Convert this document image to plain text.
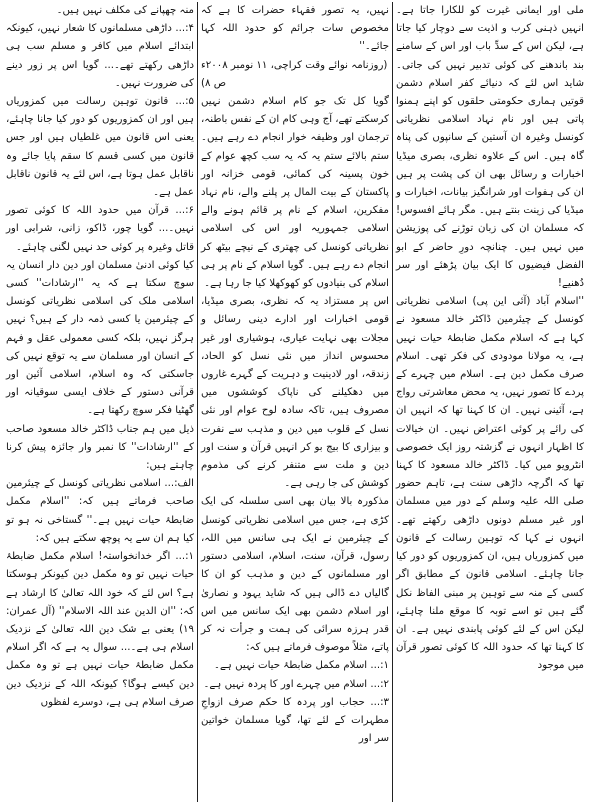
ملی اور ایمانی غیرت کو للکارا جاتا ہے۔ انہیں ذہنی کرب و اذیت سے دوچار کیا جاتا ہے، لیکن اس کے سدِّ باب اور اس کے سامنے بند باندھنے کی کوئی تدبیر نہیں کی جاتی۔ شاید اس لئے کہ دنیائے کفر اسلام دشمن قوتیں ہماری حکومتی حلقوں کو اپنے ہمنوا پاتی ہیں اور نام نہاد اسلامی نظریاتی کونسل وغیرہ ان آستین کے سانپوں کی پناہ گاہ ہیں۔ اس کے علاوہ نظری، بصری میڈیا اخبارات و رسائل بھی ان کی پشت پر ہیں ان کی ہفوات اور شرانگیز بیانات، اخبارات و میڈیا کی زینت بنتے ہیں۔ مگر ہائے افسوس! کہ مسلمان ان کی زبان توڑنے کی پوزیشن میں نہیں ہیں۔ چنانچہ دورِ حاضر کے ابو الفضل فیضیوں کا ایک بیان پڑھئے اور سر دُھنیے!

''اسلام آباد (آئی این پی) اسلامی نظریاتی کونسل کے چیئرمین ڈاکٹر خالد مسعود نے کہا ہے کہ اسلام مکمل ضابطۂ حیات نہیں ہے، یہ مولانا مودودی کی فکر تھی۔ اسلام صرف مکمل دین ہے۔ اسلام میں چہرے کے پردے کا تصور نہیں، یہ محض معاشرتی رواج ہے، آئینی نہیں۔ ان کا کہنا تھا کہ انہیں ان کی رائے پر کوئی اعتراض نہیں۔ ان خیالات کا اظہار انہوں نے گزشتہ روز ایک خصوصی انٹرویو میں کیا۔ ڈاکٹر خالد مسعود کا کہنا تھا کہ اگرچہ داڑھی سنت ہے، تاہم حضور صلی اللہ علیہ وسلم کے دور میں مسلمان اور غیر مسلم دونوں داڑھی رکھتے تھے۔ انہوں نے کہا کہ توہین رسالت کے قانون میں کمزوریاں ہیں، ان کمزوریوں کو دور کیا جانا چاہئے۔ اسلامی قانون کے مطابق اگر کسی کے منہ سے توہین پر مبنی الفاظ نکل گئے ہیں تو اسے توبہ کا موقع ملنا چاہئے، لیکن اس کے لئے کوئی پابندی نہیں ہے۔ ان کا کہنا تھا کہ حدود اللہ کا کوئی تصور قرآن میں موجود

نہیں، یہ تصور فقہاء حضرات کا ہے کہ مخصوص سات جرائم کو حدود اللہ کہا جائے۔''

(روزنامہ نوائے وقت کراچی، ۱۱ نومبر ۲۰۰۸ء ص ۸)

گویا کل تک جو کام اسلام دشمن نہیں کرسکتے تھے، آج وہی کام ان کے نفس باطنہ، ترجمان اور وظیفہ خوار انجام دے رہے ہیں۔ ستم بالائے ستم یہ کہ یہ سب کچھ عوام کے خون پسینہ کی کمائی، قومی خزانہ اور پاکستان کے بیت المال پر پلنے والے، نام نہاد مفکرین، اسلام کے نام پر قائم ہونے والے اسلامی جمہوریہ اور اس کی اسلامی نظریاتی کونسل کی چھتری کے نیچے بیٹھ کر انجام دے رہے ہیں۔ گویا اسلام کے نام پر ہی اسلام کی بنیادوں کو کھوکھلا کیا جا رہا ہے۔

اس پر مستزاد یہ کہ نظری، بصری میڈیا، قومی اخبارات اور ادارے دینی رسائل و مجلات بھی نہایت عیاری، ہوشیاری اور غیر محسوس انداز میں نئی نسل کو الحاد، زندقہ، اور لادینیت و دہریت کے گہرے غاروں میں دھکیلنے کی ناپاک کوششوں میں مصروف ہیں، تاکہ سادہ لوح عوام اور نئی نسل کے قلوب میں دین و مذہب سے نفرت و بیزاری کا بیج بو کر انہیں قرآن و سنت اور دین و ملت سے متنفر کرنے کی مذموم کوشش کی جا رہی ہے۔

مذکورہ بالا بیان بھی اسی سلسلہ کی ایک کڑی ہے، جس میں اسلامی نظریاتی کونسل کے چیئرمین نے ایک ہی سانس میں اللہ، رسول، قرآن، سنت، اسلام، اسلامی دستور اور مسلمانوں کے دین و مذہب کو ان کا گالیاں دے ڈالی ہیں کہ شاید یہود و نصاریٰ اور اسلام دشمن بھی ایک سانس میں اس قدر ہرزہ سرائی کی ہمت و جرأت نہ کر پاتے، مثلاً موصوف فرماتے ہیں کہ:

۱:... اسلام مکمل ضابطۂ حیات نہیں ہے۔

۲:... اسلام میں چہرے اور کا پردہ نہیں ہے۔

۳:... حجاب اور پردہ کا حکم صرف ازواجِ مطہرات کے لئے تھا، گویا مسلمان خواتین سر اور

منہ چھپانے کی مکلف نہیں ہیں۔

۴:... داڑھی مسلمانوں کا شعار نہیں، کیونکہ ابتدائے اسلام میں کافر و مسلم سب ہی داڑھی رکھتے تھے۔... گویا اس پر زور دینے کی ضرورت نہیں۔

۵:... قانون توہین رسالت میں کمزوریاں ہیں اور ان کمزوریوں کو دور کیا جانا چاہئے، یعنی اس قانون میں غلطیاں ہیں اور جس قانون میں کسی قسم کا سقم پایا جائے وہ ناقابل عمل ہوتا ہے، اس لئے یہ قانون ناقابل عمل ہے۔

۶:... قرآن میں حدود اللہ کا کوئی تصور نہیں۔... گویا چور، ڈاکو، زانی، شرابی اور قاتل وغیرہ پر کوئی حد نہیں لگنی چاہئے۔

کیا کوئی ادنیٰ مسلمان اور دین دار انسان یہ سوچ سکتا ہے کہ یہ ''ارشادات'' کسی اسلامی ملک کی اسلامی نظریاتی کونسل کے چیئرمین یا کسی ذمہ دار کے ہیں؟ نہیں ہرگز نہیں، بلکہ کسی معمولی عقل و فہم کے انسان اور مسلمان سے یہ توقع نہیں کی جاسکتی کہ وہ اسلام، اسلامی آئین اور قرآنی دستور کے خلاف ایسی سوقیانہ اور گھٹیا فکر سوچ رکھتا ہے۔

ذیل میں ہم جناب ڈاکٹر خالد مسعود صاحب کے ''ارشادات'' کا نمبر وار جائزہ پیش کرنا چاہتے ہیں:

الف:... اسلامی نظریاتی کونسل کے چیئرمین صاحب فرماتے ہیں کہ: ''اسلام مکمل ضابطۂ حیات نہیں ہے۔'' گستاخی نہ ہو تو کیا ہم ان سے یہ پوچھ سکتے ہیں کہ:

۱:... اگر خدانخواستہ! اسلام مکمل ضابطۂ حیات نہیں تو وہ مکمل دین کیونکر ہوسکتا ہے؟ اس لئے کہ خود اللہ تعالیٰ کا ارشاد ہے کہ: ''ان الدین عند اللہ الاسلام'' (آل عمران: ۱۹) یعنی بے شک دین اللہ تعالیٰ کے نزدیک اسلام ہی ہے۔... سوال یہ ہے کہ اگر اسلام مکمل ضابطۂ حیات نہیں ہے تو وہ مکمل دین کیسے ہوگا؟ کیونکہ اللہ کے نزدیک دین صرف اسلام ہی ہے، دوسرے لفظوں
